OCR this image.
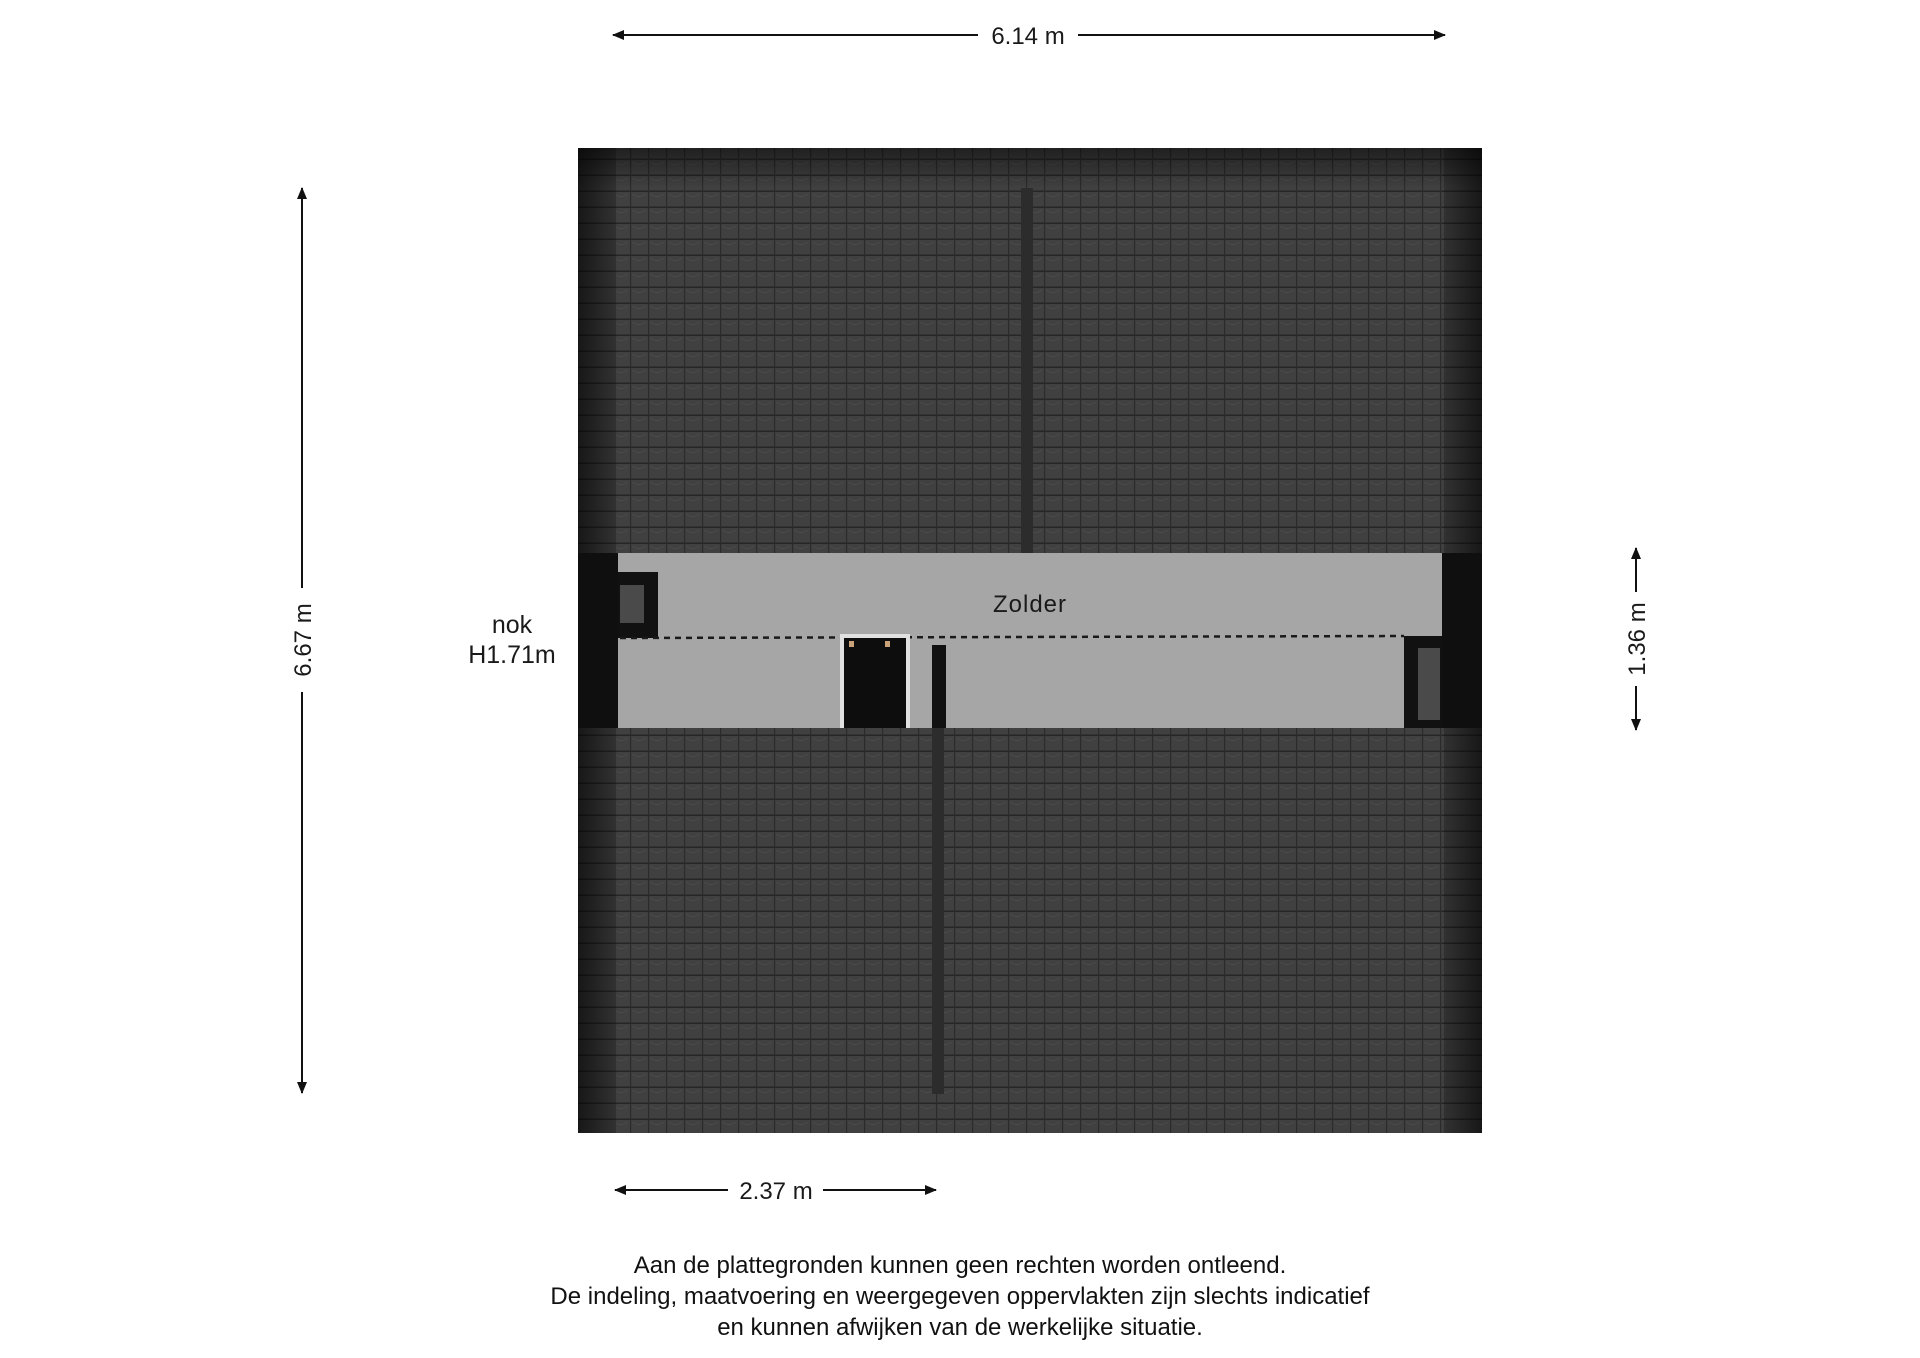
6.14 m
6.67 m	1.36 m
2.37 m
Zolder
nok
H1.71m
Aan de plattegronden kunnen geen rechten worden ontleend.
De indeling, maatvoering en weergegeven oppervlakten zijn slechts indicatief
en kunnen afwijken van de werkelijke situatie.
